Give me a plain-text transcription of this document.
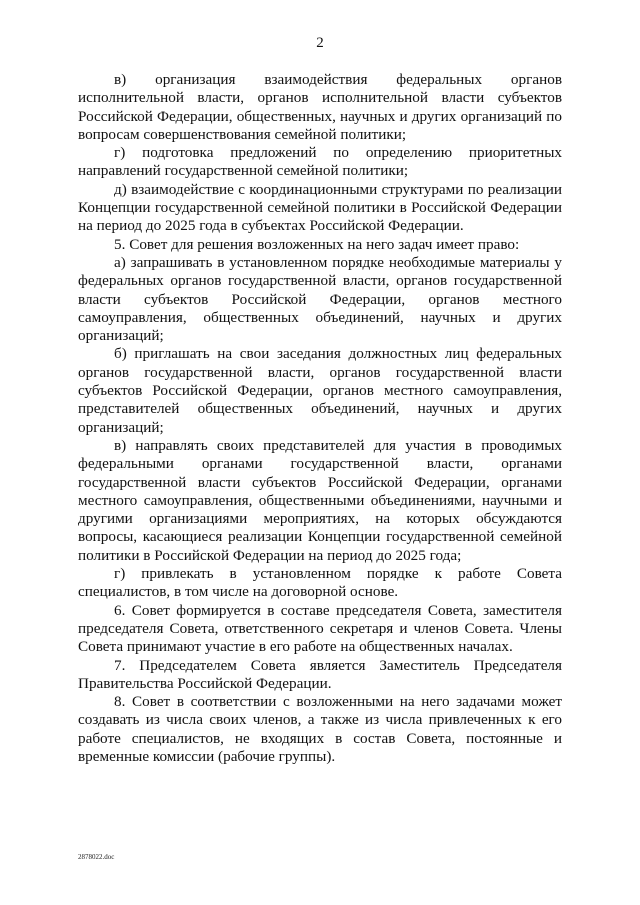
2

в) организация взаимодействия федеральных органов исполнительной власти, органов исполнительной власти субъектов Российской Федерации, общественных, научных и других организаций по вопросам совершенствования семейной политики;

г) подготовка предложений по определению приоритетных направлений государственной семейной политики;

д) взаимодействие с координационными структурами по реализации Концепции государственной семейной политики в Российской Федерации на период до 2025 года в субъектах Российской Федерации.

5. Совет для решения возложенных на него задач имеет право:

а) запрашивать в установленном порядке необходимые материалы у федеральных органов государственной власти, органов государственной власти субъектов Российской Федерации, органов местного самоуправления, общественных объединений, научных и других организаций;

б) приглашать на свои заседания должностных лиц федеральных органов государственной власти, органов государственной власти субъектов Российской Федерации, органов местного самоуправления, представителей общественных объединений, научных и других организаций;

в) направлять своих представителей для участия в проводимых федеральными органами государственной власти, органами государственной власти субъектов Российской Федерации, органами местного самоуправления, общественными объединениями, научными и другими организациями мероприятиях, на которых обсуждаются вопросы, касающиеся реализации Концепции государственной семейной политики в Российской Федерации на период до 2025 года;

г) привлекать в установленном порядке к работе Совета специалистов, в том числе на договорной основе.

6. Совет формируется в составе председателя Совета, заместителя председателя Совета, ответственного секретаря и членов Совета. Члены Совета принимают участие в его работе на общественных началах.

7. Председателем Совета является Заместитель Председателя Правительства Российской Федерации.

8. Совет в соответствии с возложенными на него задачами может создавать из числа своих членов, а также из числа привлеченных к его работе специалистов, не входящих в состав Совета, постоянные и временные комиссии (рабочие группы).

2878022.doc
